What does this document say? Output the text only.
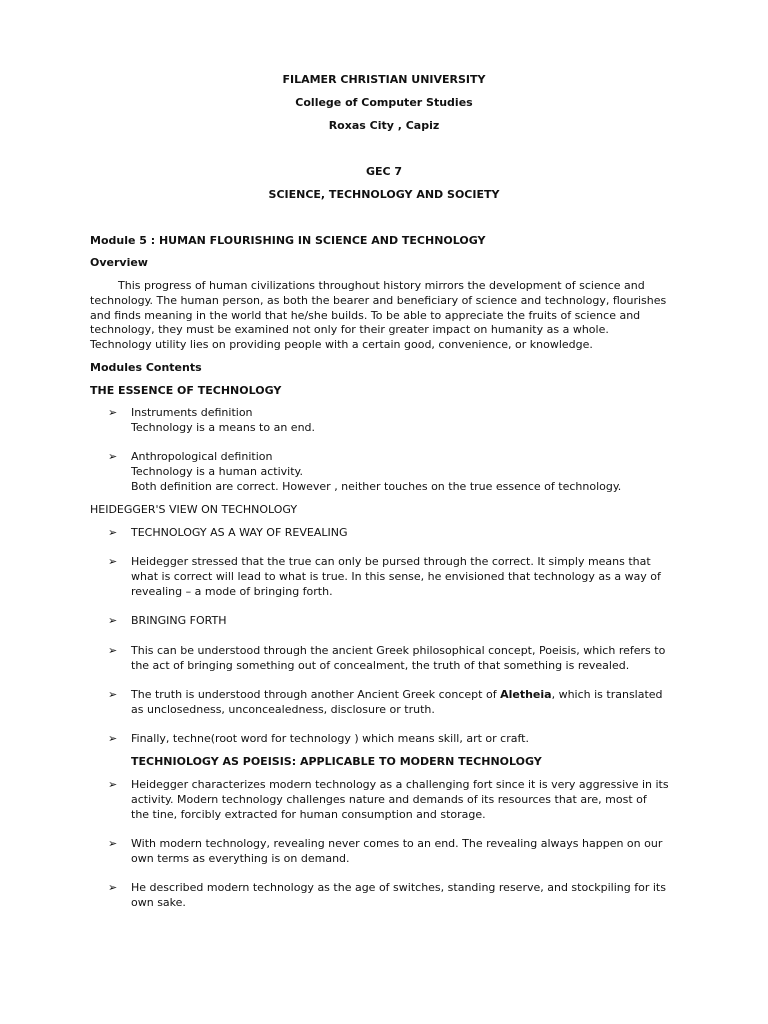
FILAMER CHRISTIAN UNIVERSITY
College of Computer Studies
Roxas City , Capiz
GEC 7
SCIENCE, TECHNOLOGY AND SOCIETY
Module 5 : HUMAN FLOURISHING IN SCIENCE AND TECHNOLOGY
Overview
This progress of human civilizations throughout history mirrors the development of science and
technology. The human person, as both the bearer and beneficiary of science and technology, flourishes
and finds meaning in the world that he/she builds. To be able to appreciate the fruits of science and
technology, they must be examined not only for their greater impact on humanity as a whole.
Technology utility lies on providing people with a certain good, convenience, or knowledge.
Modules Contents
THE ESSENCE OF TECHNOLOGY
➢ Instruments definition
Technology is a means to an end.
➢ Anthropological definition
Technology is a human activity.
Both definition are correct. However , neither touches on the true essence of technology.
HEIDEGGER'S VIEW ON TECHNOLOGY
➢ TECHNOLOGY AS A WAY OF REVEALING
➢ Heidegger stressed that the true can only be pursed through the correct. It simply means that
what is correct will lead to what is true. In this sense, he envisioned that technology as a way of
revealing – a mode of bringing forth.
➢ BRINGING FORTH
➢ This can be understood through the ancient Greek philosophical concept, Poeisis, which refers to
the act of bringing something out of concealment, the truth of that something is revealed.
➢ The truth is understood through another Ancient Greek concept of Aletheia, which is translated
as unclosedness, unconcealedness, disclosure or truth.
➢ Finally, techne(root word for technology ) which means skill, art or craft.
TECHNIOLOGY AS POEISIS: APPLICABLE TO MODERN TECHNOLOGY
➢ Heidegger characterizes modern technology as a challenging fort since it is very aggressive in its
activity. Modern technology challenges nature and demands of its resources that are, most of
the tine, forcibly extracted for human consumption and storage.
➢ With modern technology, revealing never comes to an end. The revealing always happen on our
own terms as everything is on demand.
➢ He described modern technology as the age of switches, standing reserve, and stockpiling for its
own sake.
